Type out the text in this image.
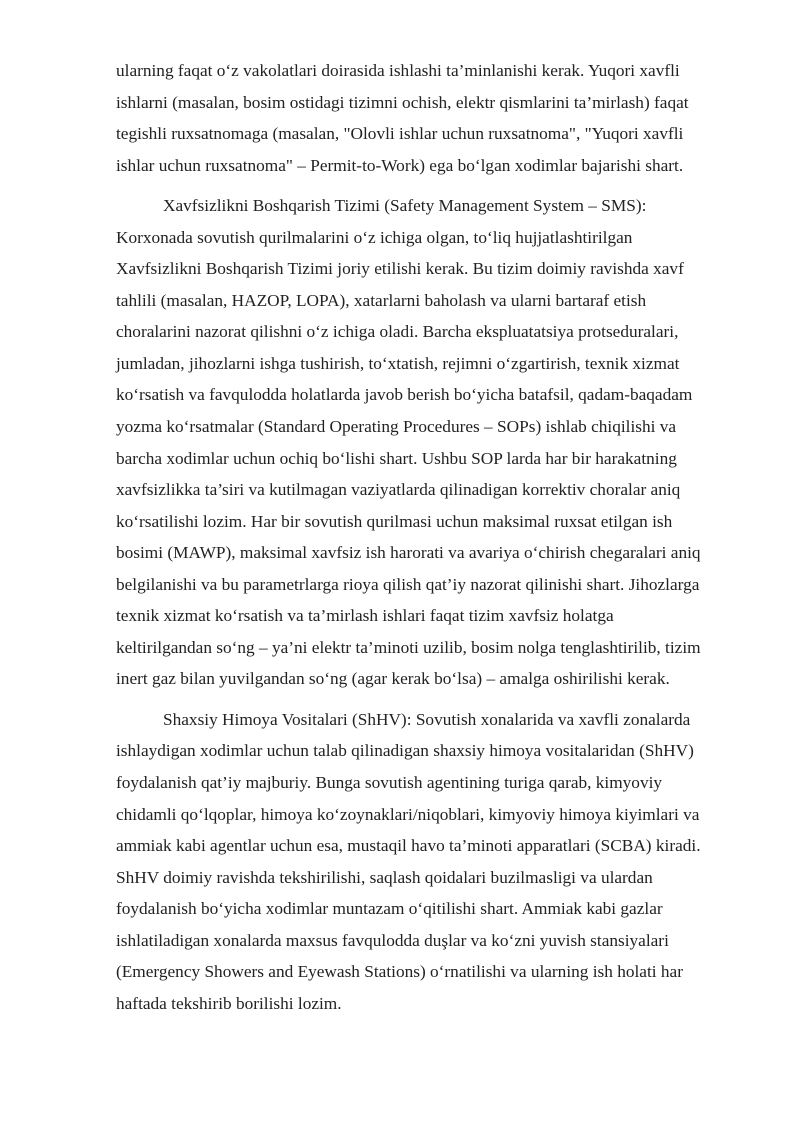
ularning faqat o‘z vakolatlari doirasida ishlashi ta’minlanishi kerak. Yuqori xavfli
ishlarni (masalan, bosim ostidagi tizimni ochish, elektr qismlarini ta’mirlash) faqat
tegishli ruxsatnomaga (masalan, "Olovli ishlar uchun ruxsatnoma", "Yuqori xavfli
ishlar uchun ruxsatnoma" – Permit-to-Work) ega bo‘lgan xodimlar bajarishi shart.
Xavfsizlikni Boshqarish Tizimi (Safety Management System – SMS):
Korxonada sovutish qurilmalarini o‘z ichiga olgan, to‘liq hujjatlashtirilgan
Xavfsizlikni Boshqarish Tizimi joriy etilishi kerak. Bu tizim doimiy ravishda xavf
tahlili (masalan, HAZOP, LOPA), xatarlarni baholash va ularni bartaraf etish
choralarini nazorat qilishni o‘z ichiga oladi. Barcha ekspluatatsiya protseduralari,
jumladan, jihozlarni ishga tushirish, to‘xtatish, rejimni o‘zgartirish, texnik xizmat
ko‘rsatish va favqulodda holatlarda javob berish bo‘yicha batafsil, qadam-baqadam
yozma ko‘rsatmalar (Standard Operating Procedures – SOPs) ishlab chiqilishi va
barcha xodimlar uchun ochiq bo‘lishi shart. Ushbu SOP larda har bir harakatning
xavfsizlikka ta’siri va kutilmagan vaziyatlarda qilinadigan korrektiv choralar aniq
ko‘rsatilishi lozim. Har bir sovutish qurilmasi uchun maksimal ruxsat etilgan ish
bosimi (MAWP), maksimal xavfsiz ish harorati va avariya o‘chirish chegaralari aniq
belgilanishi va bu parametrlarga rioya qilish qat’iy nazorat qilinishi shart. Jihozlarga
texnik xizmat ko‘rsatish va ta’mirlash ishlari faqat tizim xavfsiz holatga
keltirilgandan so‘ng – ya’ni elektr ta’minoti uzilib, bosim nolga tenglashtirilib, tizim
inert gaz bilan yuvilgandan so‘ng (agar kerak bo‘lsa) – amalga oshirilishi kerak.
Shaxsiy Himoya Vositalari (ShHV): Sovutish xonalarida va xavfli zonalarda
ishlaydigan xodimlar uchun talab qilinadigan shaxsiy himoya vositalaridan (ShHV)
foydalanish qat’iy majburiy. Bunga sovutish agentining turiga qarab, kimyoviy
chidamli qo‘lqoplar, himoya ko‘zoynaklari/niqoblari, kimyoviy himoya kiyimlari va
ammiak kabi agentlar uchun esa, mustaqil havo ta’minoti apparatlari (SCBA) kiradi.
ShHV doimiy ravishda tekshirilishi, saqlash qoidalari buzilmasligi va ulardan
foydalanish bo‘yicha xodimlar muntazam o‘qitilishi shart. Ammiak kabi gazlar
ishlatiladigan xonalarda maxsus favqulodda duşlar va ko‘zni yuvish stansiyalari
(Emergency Showers and Eyewash Stations) o‘rnatilishi va ularning ish holati har
haftada tekshirib borilishi lozim.
